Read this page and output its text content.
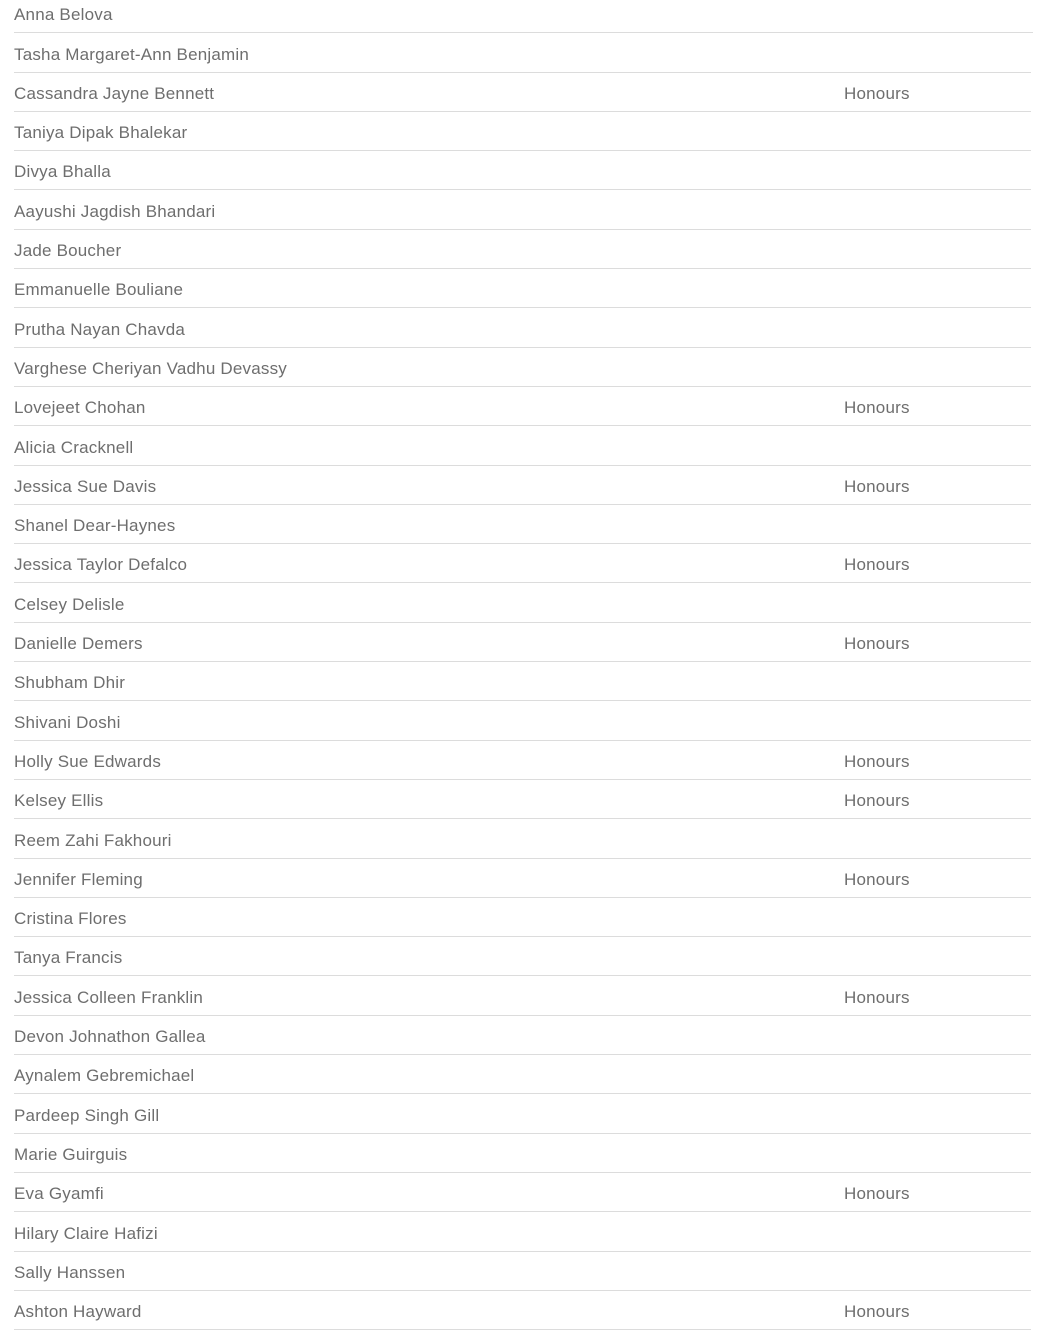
Anna Belova
Tasha Margaret-Ann Benjamin
Cassandra Jayne Bennett	Honours
Taniya Dipak Bhalekar
Divya Bhalla
Aayushi Jagdish Bhandari
Jade Boucher
Emmanuelle Bouliane
Prutha Nayan Chavda
Varghese Cheriyan Vadhu Devassy
Lovejeet Chohan	Honours
Alicia Cracknell
Jessica Sue Davis	Honours
Shanel Dear-Haynes
Jessica Taylor Defalco	Honours
Celsey Delisle
Danielle Demers	Honours
Shubham Dhir
Shivani Doshi
Holly Sue Edwards	Honours
Kelsey Ellis	Honours
Reem Zahi Fakhouri
Jennifer Fleming	Honours
Cristina Flores
Tanya Francis
Jessica Colleen Franklin	Honours
Devon Johnathon Gallea
Aynalem Gebremichael
Pardeep Singh Gill
Marie Guirguis
Eva Gyamfi	Honours
Hilary Claire Hafizi
Sally Hanssen
Ashton Hayward	Honours
